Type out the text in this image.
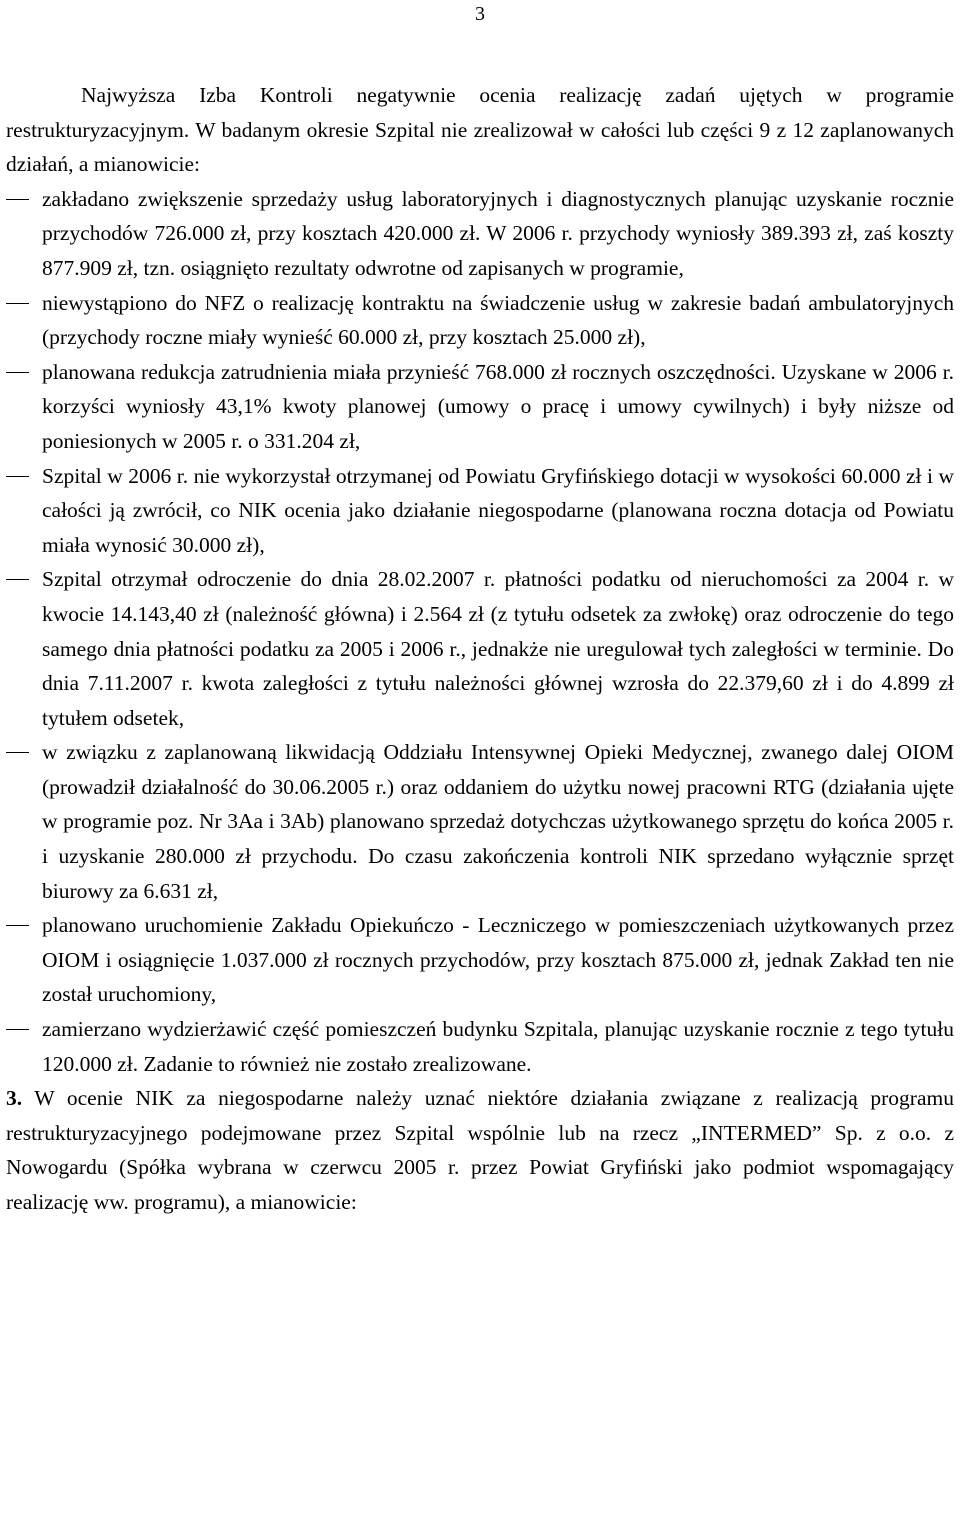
3

Najwyższa Izba Kontroli negatywnie ocenia realizację zadań ujętych w programie restrukturyzacyjnym. W badanym okresie Szpital nie zrealizował w całości lub części 9 z 12 zaplanowanych działań, a mianowicie:

zakładano zwiększenie sprzedaży usług laboratoryjnych i diagnostycznych planując uzyskanie rocznie przychodów 726.000 zł, przy kosztach 420.000 zł. W 2006 r. przychody wyniosły 389.393 zł, zaś koszty 877.909 zł, tzn. osiągnięto rezultaty odwrotne od zapisanych w programie,
niewystąpiono do NFZ o realizację kontraktu na świadczenie usług w zakresie badań ambulatoryjnych (przychody roczne miały wynieść 60.000 zł, przy kosztach 25.000 zł),
planowana redukcja zatrudnienia miała przynieść 768.000 zł rocznych oszczędności. Uzyskane w 2006 r. korzyści wyniosły 43,1% kwoty planowej (umowy o pracę i umowy cywilnych) i były niższe od poniesionych w 2005 r. o 331.204 zł,
Szpital w 2006 r. nie wykorzystał otrzymanej od Powiatu Gryfińskiego dotacji w wysokości 60.000 zł i w całości ją zwrócił, co NIK ocenia jako działanie niegospodarne (planowana roczna dotacja od Powiatu miała wynosić 30.000 zł),
Szpital otrzymał odroczenie do dnia 28.02.2007 r. płatności podatku od nieruchomości za 2004 r. w kwocie 14.143,40 zł (należność główna) i 2.564 zł (z tytułu odsetek za zwłokę) oraz odroczenie do tego samego dnia płatności podatku za 2005 i 2006 r., jednakże nie uregulował tych zaległości w terminie. Do dnia 7.11.2007 r. kwota zaległości z tytułu należności głównej wzrosła do 22.379,60 zł i do 4.899 zł tytułem odsetek,
w związku z zaplanowaną likwidacją Oddziału Intensywnej Opieki Medycznej, zwanego dalej OIOM (prowadził działalność do 30.06.2005 r.) oraz oddaniem do użytku nowej pracowni RTG (działania ujęte w programie poz. Nr 3Aa i 3Ab) planowano sprzedaż dotychczas użytkowanego sprzętu do końca 2005 r. i uzyskanie 280.000 zł przychodu. Do czasu zakończenia kontroli NIK sprzedano wyłącznie sprzęt biurowy za 6.631 zł,
planowano uruchomienie Zakładu Opiekuńczo - Leczniczego w pomieszczeniach użytkowanych przez OIOM i osiągnięcie 1.037.000 zł rocznych przychodów, przy kosztach 875.000 zł, jednak Zakład ten nie został uruchomiony,
zamierzano wydzierżawić część pomieszczeń budynku Szpitala, planując uzyskanie rocznie z tego tytułu 120.000 zł. Zadanie to również nie zostało zrealizowane.

3. W ocenie NIK za niegospodarne należy uznać niektóre działania związane z realizacją programu restrukturyzacyjnego podejmowane przez Szpital wspólnie lub na rzecz „INTERMED” Sp. z o.o. z Nowogardu (Spółka wybrana w czerwcu 2005 r. przez Powiat Gryfiński jako podmiot wspomagający realizację ww. programu), a mianowicie:
